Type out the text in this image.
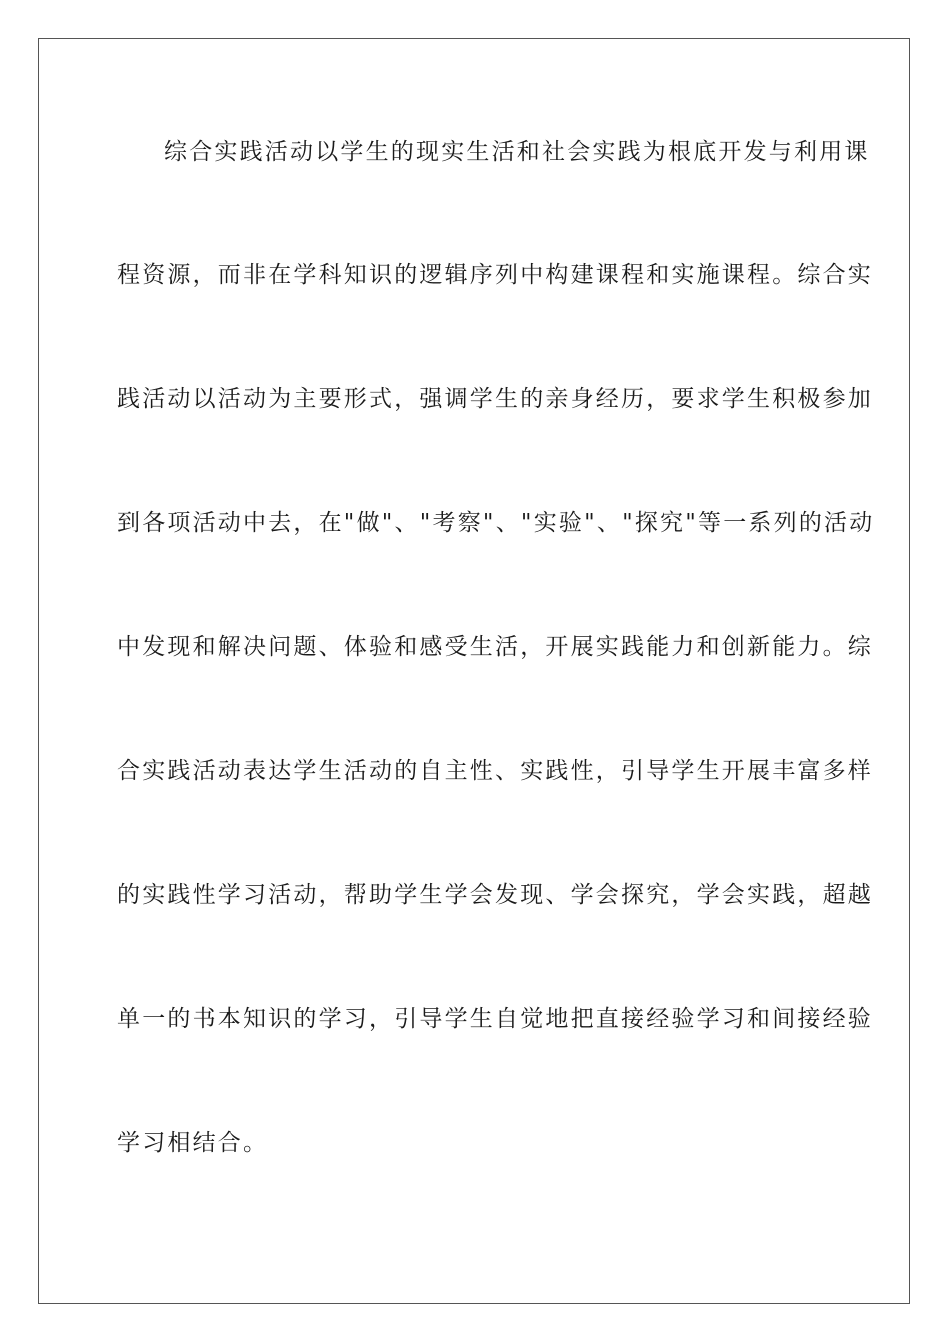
综合实践活动以学生的现实生活和社会实践为根底开发与利用课
程资源，而非在学科知识的逻辑序列中构建课程和实施课程。综合实
践活动以活动为主要形式，强调学生的亲身经历，要求学生积极参加
到各项活动中去，在"做"、"考察"、"实验"、"探究"等一系列的活动
中发现和解决问题、体验和感受生活，开展实践能力和创新能力。综
合实践活动表达学生活动的自主性、实践性，引导学生开展丰富多样
的实践性学习活动，帮助学生学会发现、学会探究，学会实践，超越
单一的书本知识的学习，引导学生自觉地把直接经验学习和间接经验
学习相结合。
